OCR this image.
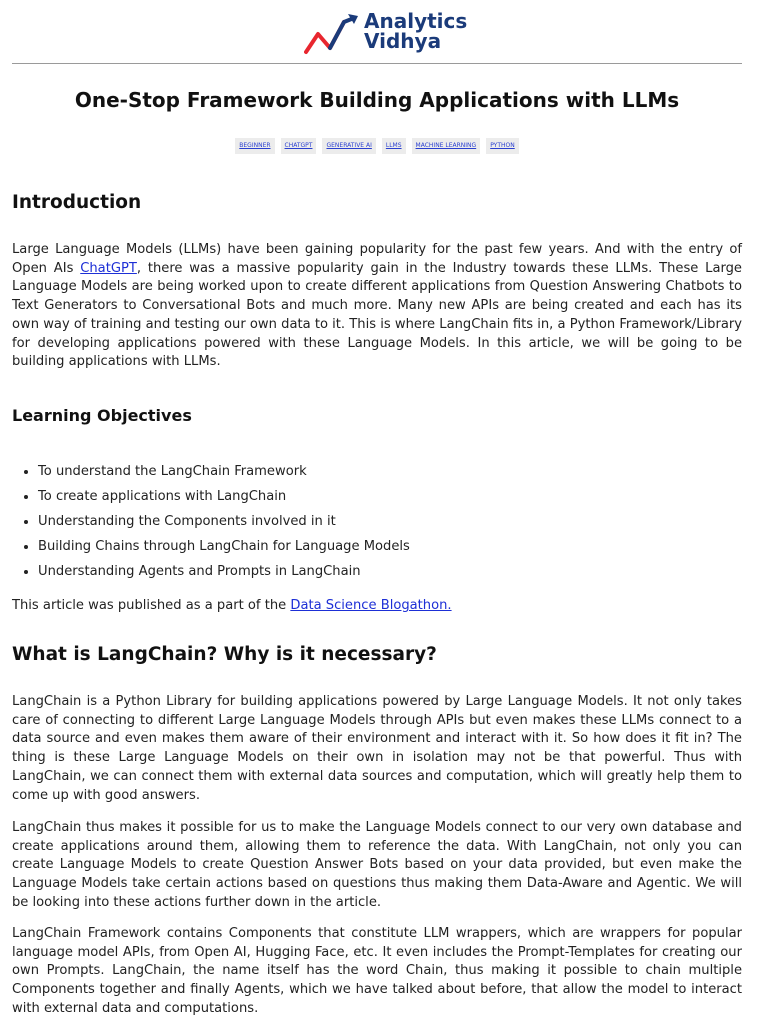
Analytics
Vidhya
One-Stop Framework Building Applications with LLMs
BEGINNER	CHATGPT	GENERATIVE AI	LLMS	MACHINE LEARNING	PYTHON
Introduction

Large Language Models (LLMs) have been gaining popularity for the past few years. And with the entry of Open AIs ChatGPT, there was a massive popularity gain in the Industry towards these LLMs. These Large Language Models are being worked upon to create different applications from Question Answering Chatbots to Text Generators to Conversational Bots and much more. Many new APIs are being created and each has its own way of training and testing our own data to it. This is where LangChain fits in, a Python Framework/Library for developing applications powered with these Language Models. In this article, we will be going to be building applications with LLMs.

Learning Objectives
• To understand the LangChain Framework
• To create applications with LangChain
• Understanding the Components involved in it
• Building Chains through LangChain for Language Models
• Understanding Agents and Prompts in LangChain

This article was published as a part of the Data Science Blogathon.

What is LangChain? Why is it necessary?

LangChain is a Python Library for building applications powered by Large Language Models. It not only takes care of connecting to different Large Language Models through APIs but even makes these LLMs connect to a data source and even makes them aware of their environment and interact with it. So how does it fit in? The thing is these Large Language Models on their own in isolation may not be that powerful. Thus with LangChain, we can connect them with external data sources and computation, which will greatly help them to come up with good answers.

LangChain thus makes it possible for us to make the Language Models connect to our very own database and create applications around them, allowing them to reference the data. With LangChain, not only you can create Language Models to create Question Answer Bots based on your data provided, but even make the Language Models take certain actions based on questions thus making them Data-Aware and Agentic. We will be looking into these actions further down in the article.

LangChain Framework contains Components that constitute LLM wrappers, which are wrappers for popular language model APIs, from Open AI, Hugging Face, etc. It even includes the Prompt-Templates for creating our own Prompts. LangChain, the name itself has the word Chain, thus making it possible to chain multiple Components together and finally Agents, which we have talked about before, that allow the model to interact with external data and computations.
